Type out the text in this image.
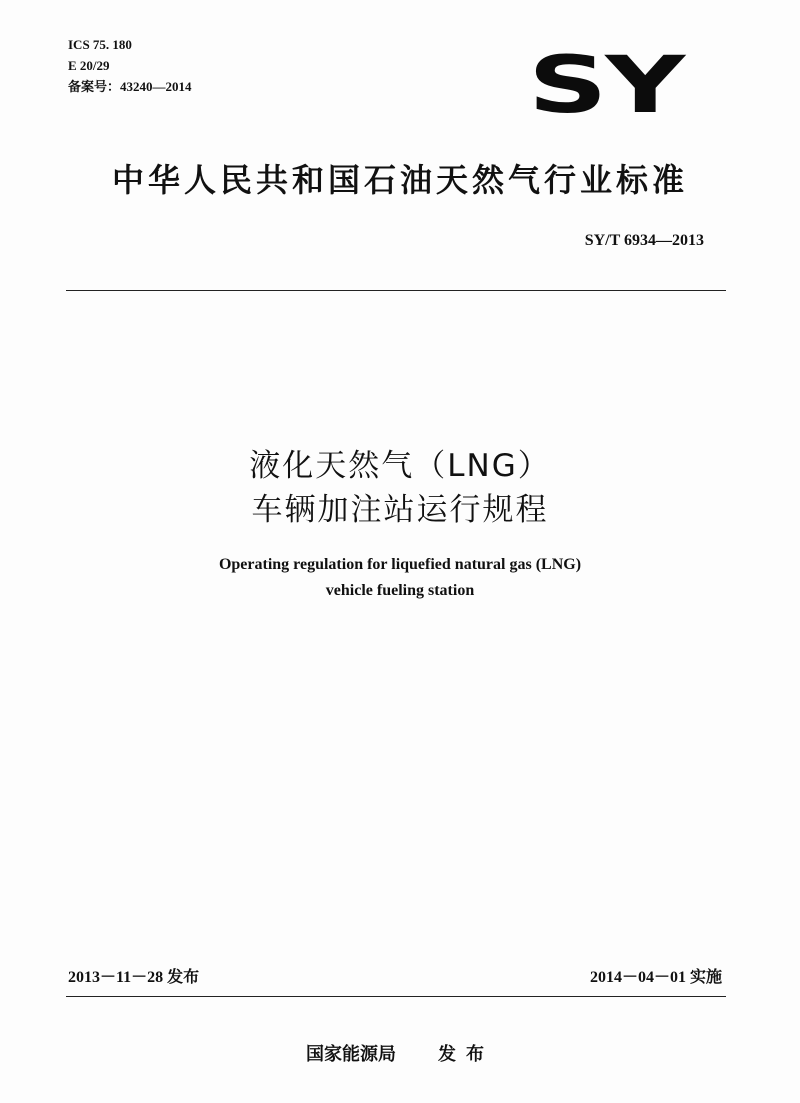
ICS 75. 180
E 20/29
备案号：43240—2014	SY
中华人民共和国石油天然气行业标准
SY/T 6934—2013
液化天然气（LNG）
车辆加注站运行规程
Operating regulation for liquefied natural gas (LNG)
vehicle fueling station
2013－11－28 发布	2014－04－01 实施
国家能源局 发布
